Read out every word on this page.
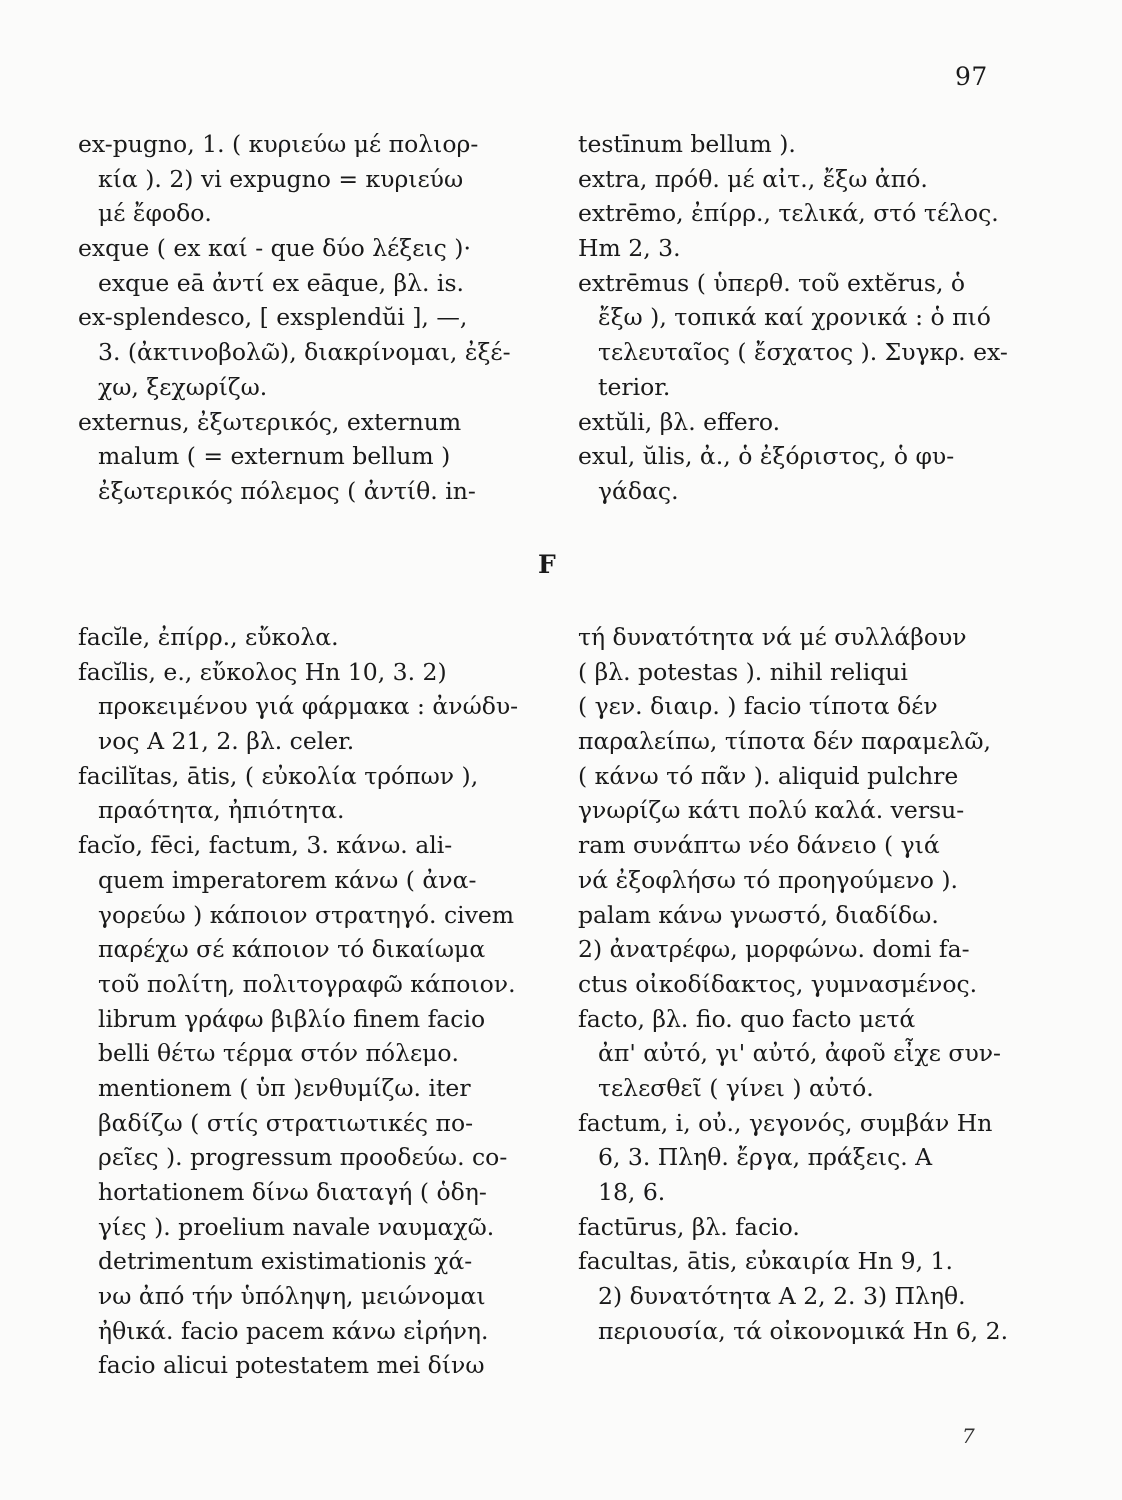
97
ex-pugno, 1. ( κυριεύω μέ πολιορ-
κία ). 2) vi expugno = κυριεύω
μέ ἔφοδο.
exque ( ex καί - que δύο λέξεις )·
exque eā ἀντί ex eāque, βλ. is.
ex-splendesco, [ exsplendŭi ], —,
3. (ἀκτινοβολῶ), διακρίνομαι, ἐξέ-
χω, ξεχωρίζω.
externus, ἐξωτερικός, externum
malum ( = externum bellum )
ἐξωτερικός πόλεμος ( ἀντίθ. in-
testīnum bellum ).
extra, πρόθ. μέ αἰτ., ἔξω ἀπό.
extrēmo, ἐπίρρ., τελικά, στό τέλος.
Hm 2, 3.
extrēmus ( ὑπερθ. τοῦ extĕrus, ὁ
ἔξω ), τοπικά καί χρονικά : ὁ πιό
τελευταῖος ( ἔσχατος ). Συγκρ. ex-
terior.
extŭli, βλ. effero.
exul, ŭlis, ἀ., ὁ ἐξόριστος, ὁ φυ-
γάδας.
F
facĭle, ἐπίρρ., εὔκολα.
facĭlis, e., εὔκολος Hn 10, 3. 2)
προκειμένου γιά φάρμακα : ἀνώδυ-
νος A 21, 2. βλ. celer.
facilĭtas, ātis, ( εὐκολία τρόπων ),
πραότητα, ἠπιότητα.
facĭo, fēci, factum, 3. κάνω. ali-
quem imperatorem κάνω ( ἀνα-
γορεύω ) κάποιον στρατηγό. civem
παρέχω σέ κάποιον τό δικαίωμα
τοῦ πολίτη, πολιτογραφῶ κάποιον.
librum γράφω βιβλίο finem facio
belli θέτω τέρμα στόν πόλεμο.
mentionem ( ὑπ )ενθυμίζω. iter
βαδίζω ( στίς στρατιωτικές πο-
ρεῖες ). progressum προοδεύω. co-
hortationem δίνω διαταγή ( ὁδη-
γίες ). proelium navale ναυμαχῶ.
detrimentum existimationis χά-
νω ἀπό τήν ὑπόληψη, μειώνομαι
ἠθικά. facio pacem κάνω εἰρήνη.
facio alicui potestatem mei δίνω
τή δυνατότητα νά μέ συλλάβουν
( βλ. potestas ). nihil reliqui
( γεν. διαιρ. ) facio τίποτα δέν
παραλείπω, τίποτα δέν παραμελῶ,
( κάνω τό πᾶν ). aliquid pulchre
γνωρίζω κάτι πολύ καλά. versu-
ram συνάπτω νέο δάνειο ( γιά
νά ἐξοφλήσω τό προηγούμενο ).
palam κάνω γνωστό, διαδίδω.
2) ἀνατρέφω, μορφώνω. domi fa-
ctus οἰκοδίδακτος, γυμνασμένος.
facto, βλ. fio. quo facto μετά
ἀπ' αὐτό, γι' αὐτό, ἀφοῦ εἶχε συν-
τελεσθεῖ ( γίνει ) αὐτό.
factum, i, οὐ., γεγονός, συμβάν Hn
6, 3. Πληθ. ἔργα, πράξεις. A
18, 6.
factūrus, βλ. facio.
facultas, ātis, εὐκαιρία Hn 9, 1.
2) δυνατότητα A 2, 2. 3) Πληθ.
περιουσία, τά οἰκονομικά Hn 6, 2.
7
